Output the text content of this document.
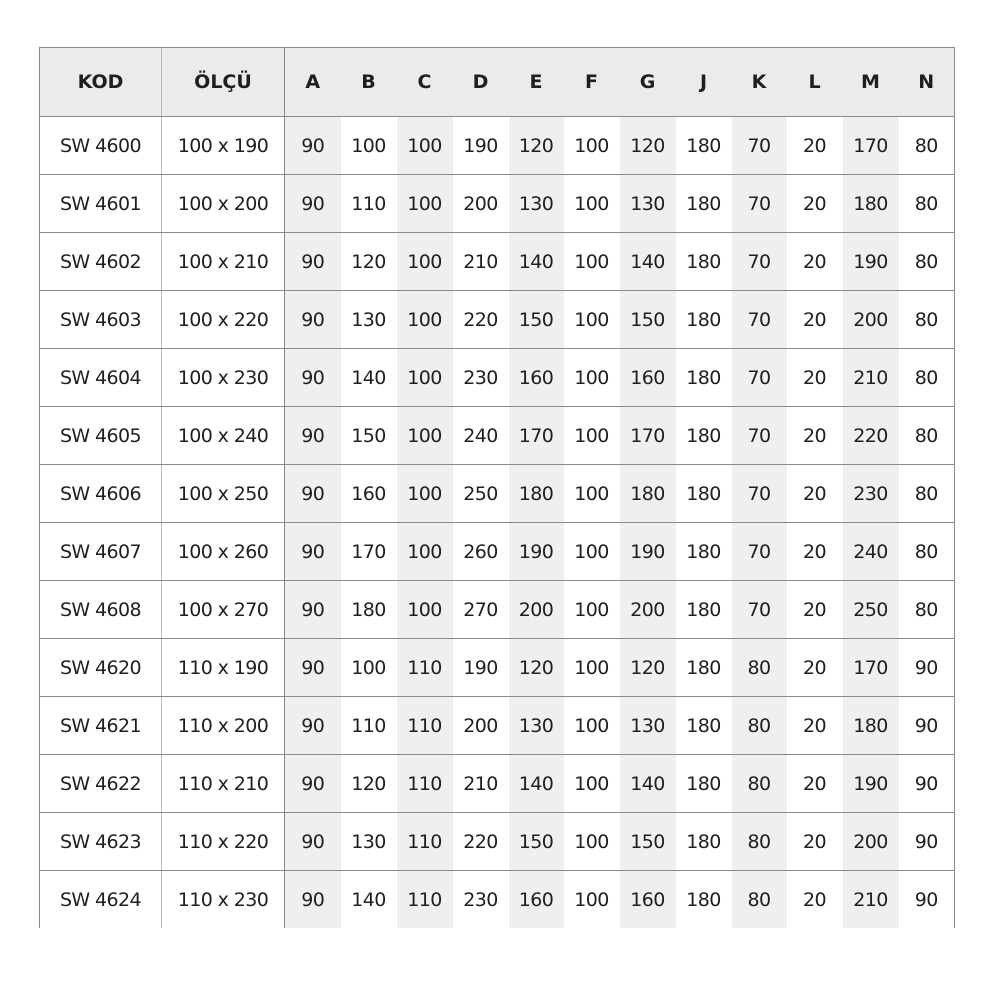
KOD	ÖLÇÜ	A	B	C	D	E	F	G	J	K	L	M	N
SW 4600	100 x 190	90	100	100	190	120	100	120	180	70	20	170	80
SW 4601	100 x 200	90	110	100	200	130	100	130	180	70	20	180	80
SW 4602	100 x 210	90	120	100	210	140	100	140	180	70	20	190	80
SW 4603	100 x 220	90	130	100	220	150	100	150	180	70	20	200	80
SW 4604	100 x 230	90	140	100	230	160	100	160	180	70	20	210	80
SW 4605	100 x 240	90	150	100	240	170	100	170	180	70	20	220	80
SW 4606	100 x 250	90	160	100	250	180	100	180	180	70	20	230	80
SW 4607	100 x 260	90	170	100	260	190	100	190	180	70	20	240	80
SW 4608	100 x 270	90	180	100	270	200	100	200	180	70	20	250	80
SW 4620	110 x 190	90	100	110	190	120	100	120	180	80	20	170	90
SW 4621	110 x 200	90	110	110	200	130	100	130	180	80	20	180	90
SW 4622	110 x 210	90	120	110	210	140	100	140	180	80	20	190	90
SW 4623	110 x 220	90	130	110	220	150	100	150	180	80	20	200	90
SW 4624	110 x 230	90	140	110	230	160	100	160	180	80	20	210	90
